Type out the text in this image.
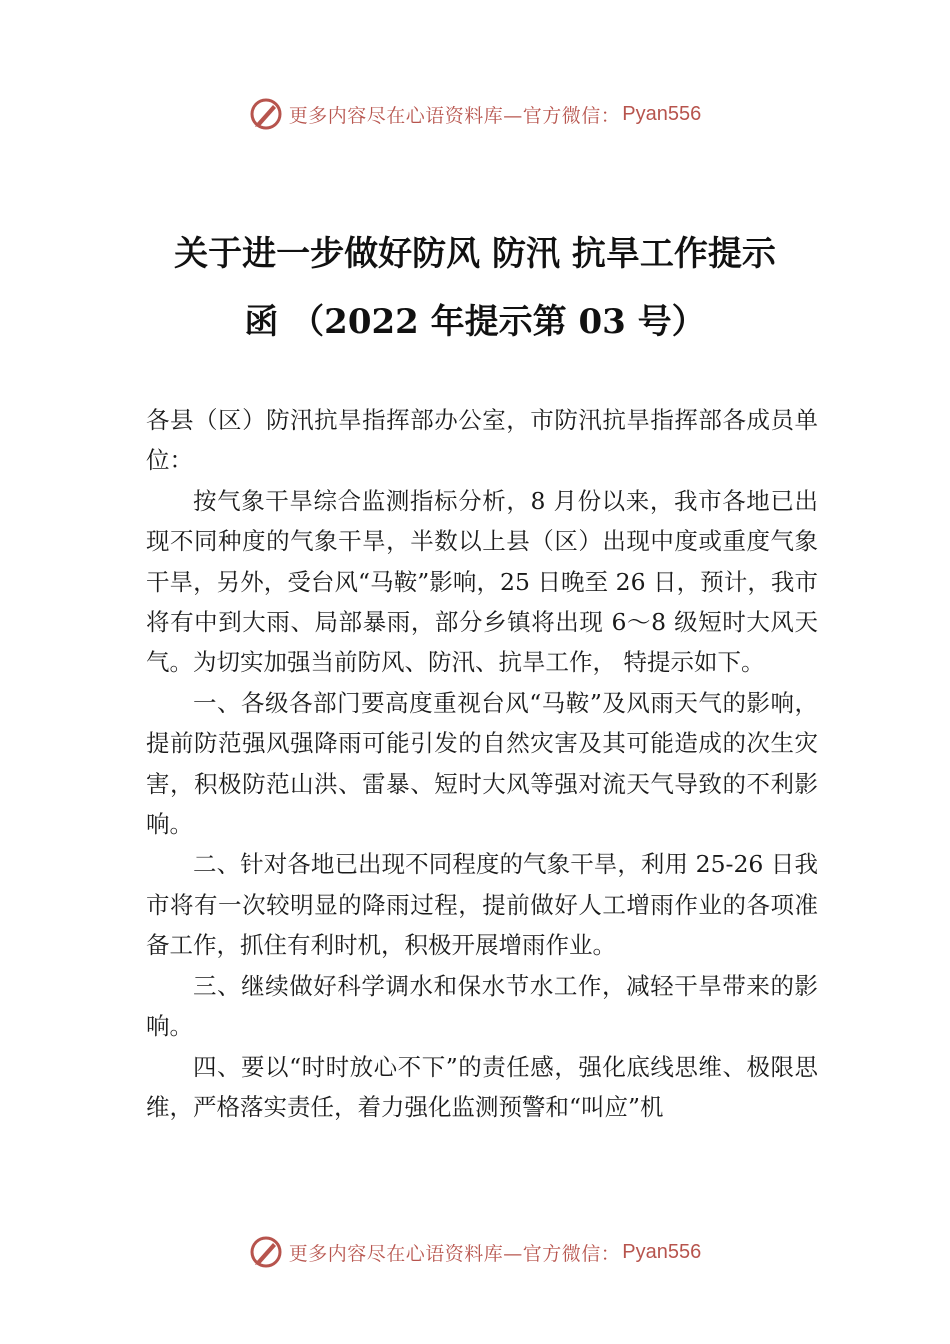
更多内容尽在心语资料库—官方微信： Pyan556
关于进一步做好防风 防汛 抗旱工作提示
函 （2022 年提示第 03 号）

各县（区）防汛抗旱指挥部办公室，市防汛抗旱指挥部各成员单位：

按气象干旱综合监测指标分析，8 月份以来，我市各地已出现不同种度的气象干旱，半数以上县（区）出现中度或重度气象干旱，另外，受台风“马鞍”影响，25 日晚至 26 日，预计，我市将有中到大雨、局部暴雨，部分乡镇将出现 6～8 级短时大风天气。为切实加强当前防风、防汛、抗旱工作， 特提示如下。

一、各级各部门要高度重视台风“马鞍”及风雨天气的影响，提前防范强风强降雨可能引发的自然灾害及其可能造成的次生灾害，积极防范山洪、雷暴、短时大风等强对流天气导致的不利影响。

二、针对各地已出现不同程度的气象干旱，利用 25-26 日我市将有一次较明显的降雨过程，提前做好人工增雨作业的各项准备工作，抓住有利时机，积极开展增雨作业。

三、继续做好科学调水和保水节水工作，减轻干旱带来的影响。

四、要以“时时放心不下”的责任感，强化底线思维、极限思维，严格落实责任，着力强化监测预警和“叫应”机

更多内容尽在心语资料库—官方微信： Pyan556
